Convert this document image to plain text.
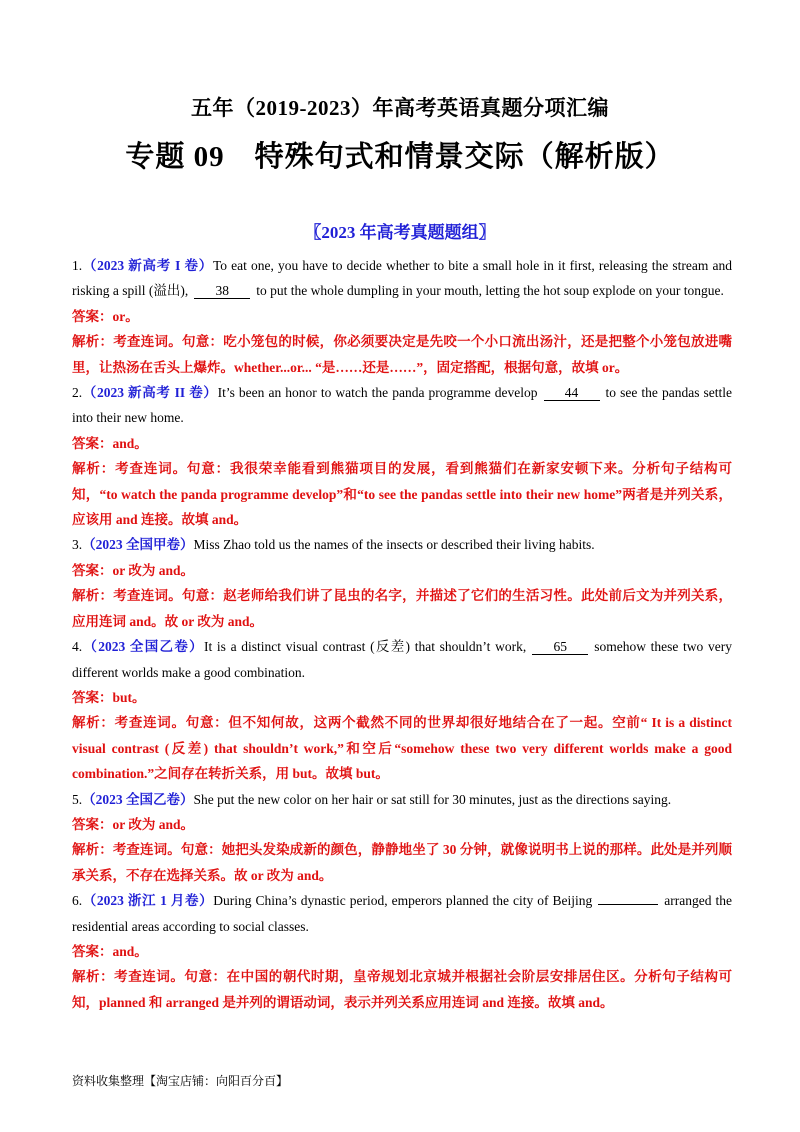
五年（2019-2023）年高考英语真题分项汇编
专题 09　特殊句式和情景交际（解析版）
〖2023 年高考真题题组〗

1.（2023 新高考 I 卷）To eat one, you have to decide whether to bite a small hole in it first, releasing the stream and risking a spill (溢出), 38 to put the whole dumpling in your mouth, letting the hot soup explode on your tongue.

答案：or。

解析：考查连词。句意：吃小笼包的时候，你必须要决定是先咬一个小口流出汤汁，还是把整个小笼包放进嘴里，让热汤在舌头上爆炸。whether...or... “是……还是……”，固定搭配，根据句意，故填 or。

2.（2023 新高考 II 卷）It’s been an honor to watch the panda programme develop 44 to see the pandas settle into their new home.

答案：and。

解析：考查连词。句意：我很荣幸能看到熊猫项目的发展，看到熊猫们在新家安顿下来。分析句子结构可知，“to watch the panda programme develop”和“to see the pandas settle into their new home”两者是并列关系，应该用 and 连接。故填 and。

3.（2023 全国甲卷）Miss Zhao told us the names of the insects or described their living habits.

答案：or 改为 and。

解析：考查连词。句意：赵老师给我们讲了昆虫的名字，并描述了它们的生活习性。此处前后文为并列关系，应用连词 and。故 or 改为 and。

4.（2023 全国乙卷）It is a distinct visual contrast (反差) that shouldn’t work, 65 somehow these two very different worlds make a good combination.

答案：but。

解析：考查连词。句意：但不知何故，这两个截然不同的世界却很好地结合在了一起。空前“ It is a distinct visual contrast (反差) that shouldn’t work,”和空后“somehow these two very different worlds make a good combination.”之间存在转折关系，用 but。故填 but。

5.（2023 全国乙卷）She put the new color on her hair or sat still for 30 minutes, just as the directions saying.

答案：or 改为 and。

解析：考查连词。句意：她把头发染成新的颜色，静静地坐了 30 分钟，就像说明书上说的那样。此处是并列顺承关系，不存在选择关系。故 or 改为 and。

6.（2023 浙江 1 月卷）During China’s dynastic period, emperors planned the city of Beijing	arranged the residential areas according to social classes.

答案：and。

解析：考查连词。句意：在中国的朝代时期，皇帝规划北京城并根据社会阶层安排居住区。分析句子结构可知，planned 和 arranged 是并列的谓语动词，表示并列关系应用连词 and 连接。故填 and。

资料收集整理【淘宝店铺：向阳百分百】
